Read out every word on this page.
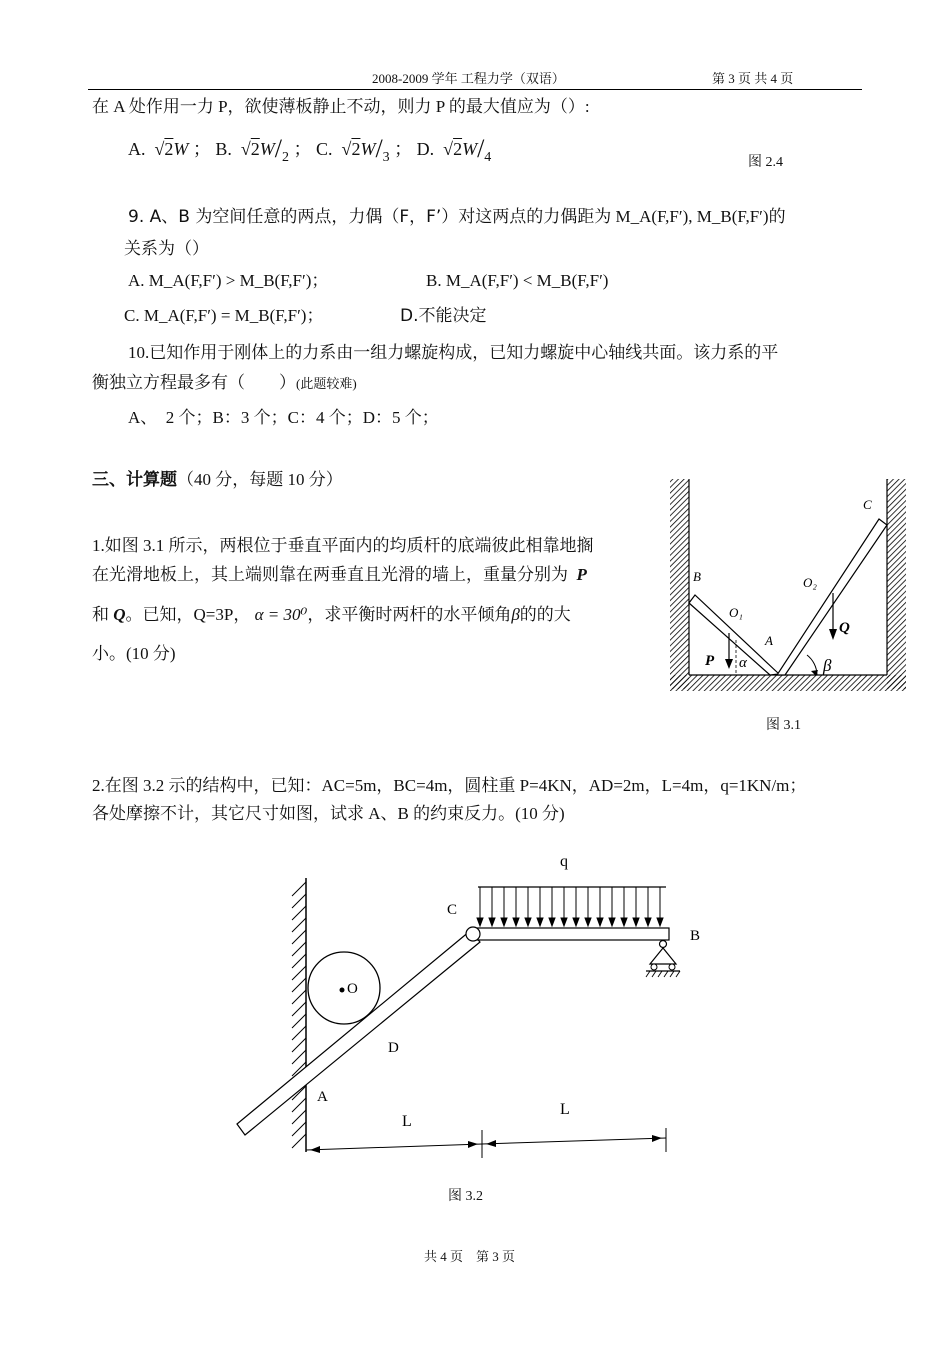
2008-2009 学年 工程力学（双语）	第 3 页 共 4 页
在 A 处作用一力 P，欲使薄板静止不动，则力 P 的最大值应为（）:
A.  √2W ； B.  $√2W/_2$ ； C.  $√2W/_3$ ； D.  $√2W/_4$	图 2.4
9. A、B 为空间任意的两点，力偶（F，F’）对这两点的力偶距为 M_A(F,F′), M_B(F,F′)的
关系为（）
A. M_A(F,F′) > M_B(F,F′)；	B. M_A(F,F′) < M_B(F,F′)
C. M_A(F,F′) = M_B(F,F′)；	D.不能决定
10.已知作用于刚体上的力系由一组力螺旋构成，已知力螺旋中心轴线共面。该力系的平
衡独立方程最多有（　　）(此题较难)
A、　2 个；B：3 个；C：4 个；D：5 个；
三、计算题（40 分，每题 10 分）
1.如图 3.1 所示，两根位于垂直平面内的均质杆的底端彼此相靠地搁
在光滑地板上，其上端则靠在两垂直且光滑的墙上，重量分别为 P
和 Q。已知，Q=3P， α = 30⁰，求平衡时两杆的水平倾角β的的大
小。(10 分)
B
C
O₁
O₂
A
P
Q
α	β
图 3.1
2.在图 3.2 示的结构中，已知：AC=5m，BC=4m，圆柱重 P=4KN，AD=2m，L=4m，q=1KN/m；
各处摩擦不计，其它尺寸如图，试求 A、B 的约束反力。(10 分)
q
C
B
O
D
A
L
L
图 3.2
共 4 页　第 3 页
